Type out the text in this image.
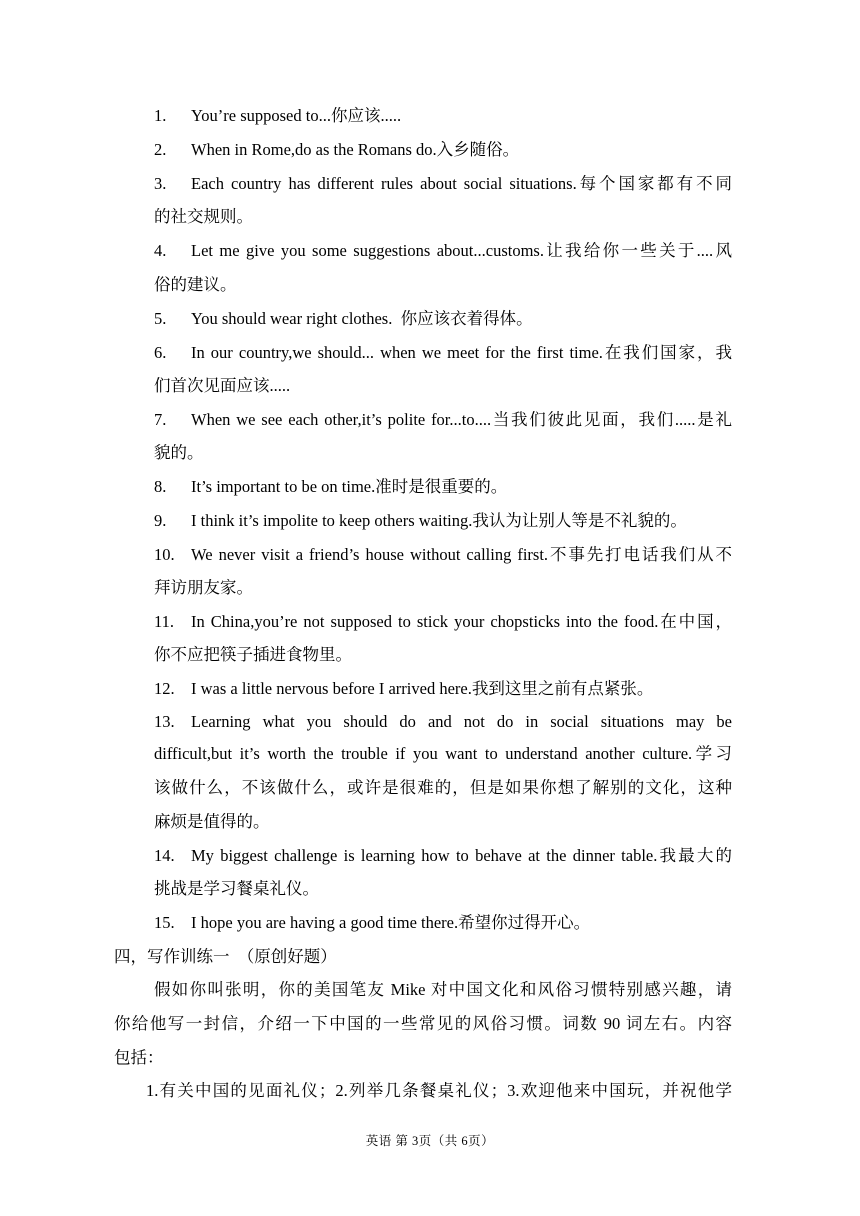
1.	You’re supposed to...你应该.....
2.	When in Rome,do as the Romans do.入乡随俗。
3.	Each country has different rules about social situations.每个国家都有不同
的社交规则。
4.	Let me give you some suggestions about...customs.让我给你一些关于....风
俗的建议。
5.	You should wear right clothes.  你应该衣着得体。
6.	In our country,we should... when we meet for the first time.在我们国家，我
们首次见面应该.....
7.	When we see each other,it’s polite for...to....当我们彼此见面，我们.....是礼
貌的。
8.	It’s important to be on time.准时是很重要的。
9.	I think it’s impolite to keep others waiting.我认为让别人等是不礼貌的。
10. We never visit a friend’s house without calling first.不事先打电话我们从不
拜访朋友家。
11.	In China,you’re not supposed to stick your chopsticks into the food.在中国，
你不应把筷子插进食物里。
12. I was a little nervous before I arrived here.我到这里之前有点紧张。
13. Learning what you should do and not do in social situations may be
difficult,but it’s worth the trouble if you want to understand another culture.学习
该做什么，不该做什么，或许是很难的，但是如果你想了解别的文化，这种
麻烦是值得的。
14. My biggest challenge is learning how to behave at the dinner table.我最大的
挑战是学习餐桌礼仪。
15. I hope you are having a good time there.希望你过得开心。
四，写作训练一　（原创好题）
假如你叫张明，你的美国笔友 Mike 对中国文化和风俗习惯特别感兴趣，请
你给他写一封信，介绍一下中国的一些常见的风俗习惯。词数 90 词左右。内容
包括：
1.有关中国的见面礼仪；2.列举几条餐桌礼仪；3.欢迎他来中国玩，并祝他学
英语 第 3页（共 6页）
